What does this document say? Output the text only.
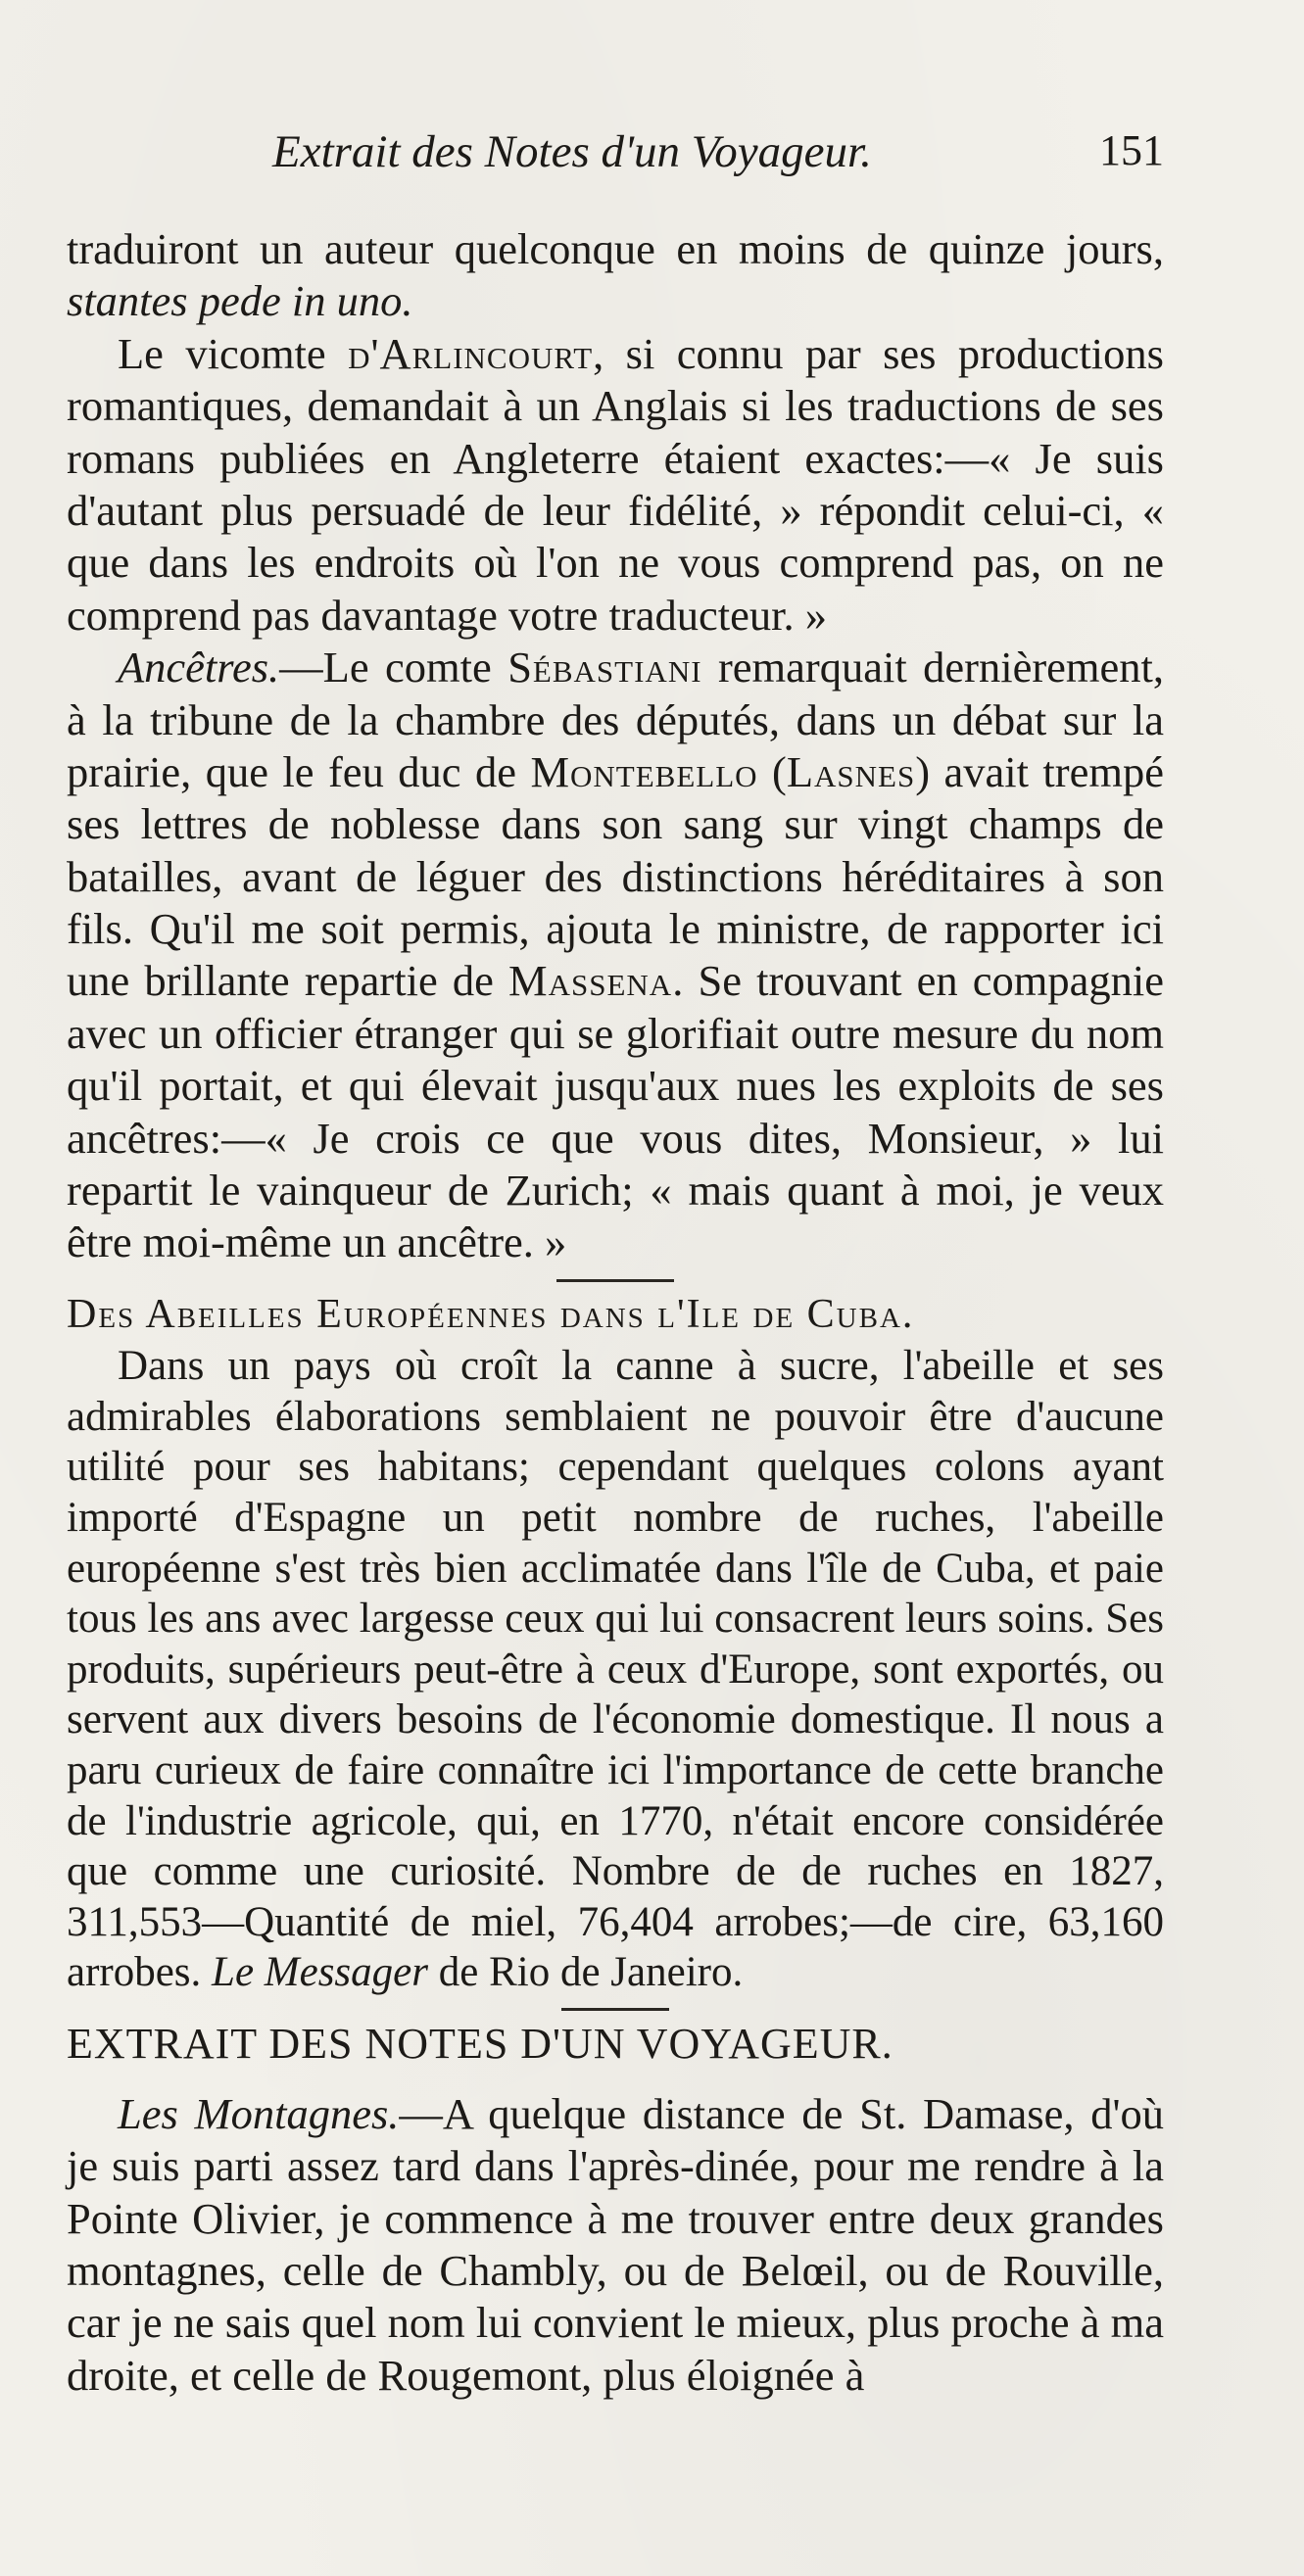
Extrait des Notes d'un Voyageur.	151

traduiront un auteur quelconque en moins de quinze jours, stantes pede in uno.

Le vicomte d'Arlincourt, si connu par ses productions romantiques, demandait à un Anglais si les traductions de ses romans publiées en Angleterre étaient exactes:—« Je suis d'autant plus persuadé de leur fidélité, » répondit celui-ci, « que dans les endroits où l'on ne vous comprend pas, on ne comprend pas davantage votre traducteur. »

Ancêtres.—Le comte Sébastiani remarquait dernièrement, à la tribune de la chambre des députés, dans un débat sur la prairie, que le feu duc de Montebello (Lasnes) avait trempé ses lettres de noblesse dans son sang sur vingt champs de batailles, avant de léguer des distinctions héréditaires à son fils. Qu'il me soit permis, ajouta le ministre, de rapporter ici une brillante repartie de Massena. Se trouvant en compagnie avec un officier étranger qui se glorifiait outre mesure du nom qu'il portait, et qui élevait jusqu'aux nues les exploits de ses ancêtres:—« Je crois ce que vous dites, Monsieur, » lui repartit le vainqueur de Zurich; « mais quant à moi, je veux être moi-même un ancêtre. »

Des Abeilles Européennes dans l'Ile de Cuba.

Dans un pays où croît la canne à sucre, l'abeille et ses admirables élaborations semblaient ne pouvoir être d'aucune utilité pour ses habitans; cependant quelques colons ayant importé d'Espagne un petit nombre de ruches, l'abeille européenne s'est très bien acclimatée dans l'île de Cuba, et paie tous les ans avec largesse ceux qui lui consacrent leurs soins. Ses produits, supérieurs peut-être à ceux d'Europe, sont exportés, ou servent aux divers besoins de l'économie domestique. Il nous a paru curieux de faire connaître ici l'importance de cette branche de l'industrie agricole, qui, en 1770, n'était encore considérée que comme une curiosité. Nombre de de ruches en 1827, 311,553—Quantité de miel, 76,404 arrobes;—de cire, 63,160 arrobes. Le Messager de Rio de Janeiro.

EXTRAIT DES NOTES D'UN VOYAGEUR.

Les Montagnes.—A quelque distance de St. Damase, d'où je suis parti assez tard dans l'après-dinée, pour me rendre à la Pointe Olivier, je commence à me trouver entre deux grandes montagnes, celle de Chambly, ou de Belœil, ou de Rouville, car je ne sais quel nom lui convient le mieux, plus proche à ma droite, et celle de Rougemont, plus éloignée à
